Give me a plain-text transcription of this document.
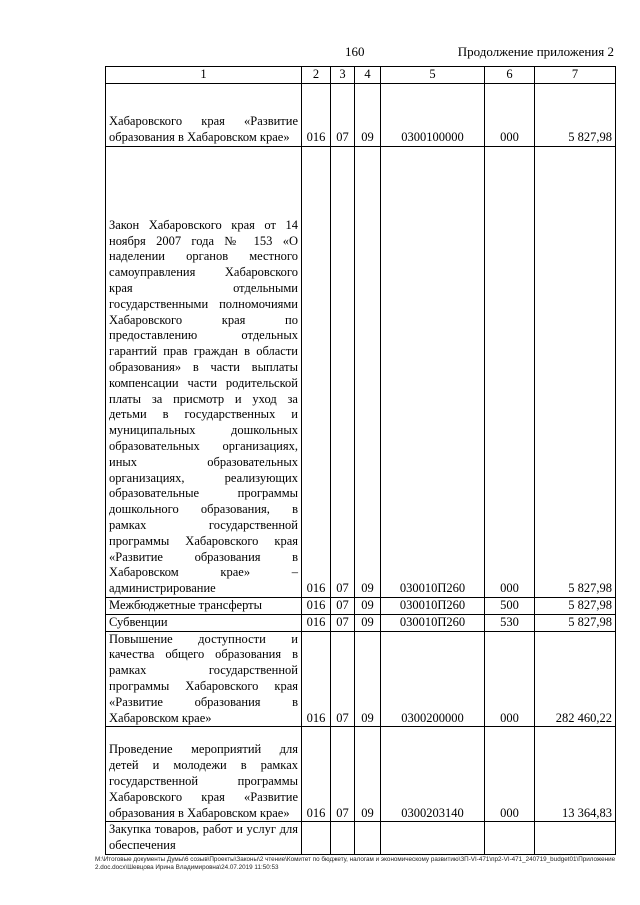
160	Продолжение приложения 2
1	2	3	4	5	6	7
Хабаровского края «Развитие образования в Хабаровском крае»	016	07	09	0300100000	000	5 827,98
Закон Хабаровского края от 14 ноября 2007 года № 153 «О наделении органов местного самоуправления Хабаровского края отдельными государственными полномочиями Хабаровского края по предоставлению отдельных гарантий прав граждан в области образования» в части выплаты компенсации части родительской платы за присмотр и уход за детьми в государственных и муниципальных дошкольных образовательных организациях, иных образовательных организациях, реализующих образовательные программы дошкольного образования, в рамках государственной программы Хабаровского края «Развитие образования в Хабаровском крае» – администрирование	016	07	09	030010П260	000	5 827,98
Межбюджетные трансферты	016	07	09	030010П260	500	5 827,98
Субвенции	016	07	09	030010П260	530	5 827,98
Повышение доступности и качества общего образования в рамках государственной программы Хабаровского края «Развитие образования в Хабаровском крае»	016	07	09	0300200000	000	282 460,22
Проведение мероприятий для детей и молодежи в рамках государственной программы Хабаровского края «Развитие образования в Хабаровском крае»	016	07	09	0300203140	000	13 364,83
Закупка товаров, работ и услуг для обеспечения						
M:\Итоговые документы Думы\6 созыв\Проекты\Законы\2 чтение\Комитет по бюджету, налогам и экономическому развитию\ЗП-VI-471\пр2-VI-471_240719_budget01\Приложение 2.doc.docx\Шевцова Ирина Владимировна\24.07.2019 11:50:53
